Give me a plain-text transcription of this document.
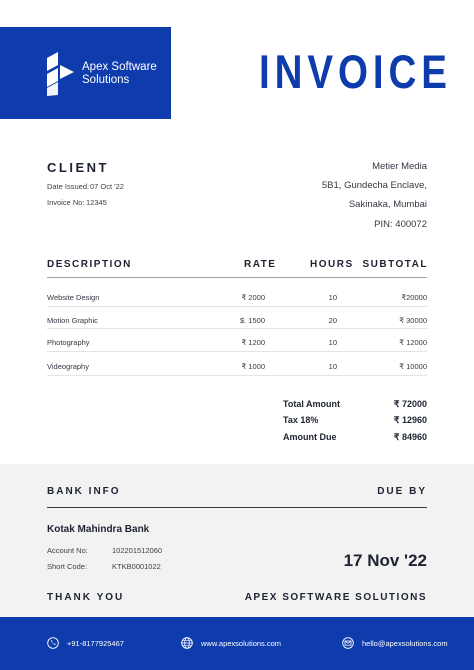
Apex Software Solutions	INVOICE
CLIENT
Date Issued: 07 Oct '22
Invoice No: 12345
Metier Media
5B1, Gundecha Enclave,
Sakinaka, Mumbai
PIN: 400072
DESCRIPTION	RATE	HOURS SUBTOTAL
Website Design	₹ 2000	10	₹20000
Motion Graphic	$. 1500	20	₹ 30000
Photography	₹ 1200	10	₹ 12000
Videography	₹ 1000	10	₹ 10000
Total Amount	₹ 72000
Tax 18%	₹ 12960
Amount Due	₹ 84960
BANK INFO	DUE BY
Kotak Mahindra Bank
Account No:	102201512060
Short Code:	KTKB0001022	17 Nov '22
THANK YOU	APEX SOFTWARE SOLUTIONS
+91-8177925467	www.apexsolutions.com	hello@apexsolutions.com
